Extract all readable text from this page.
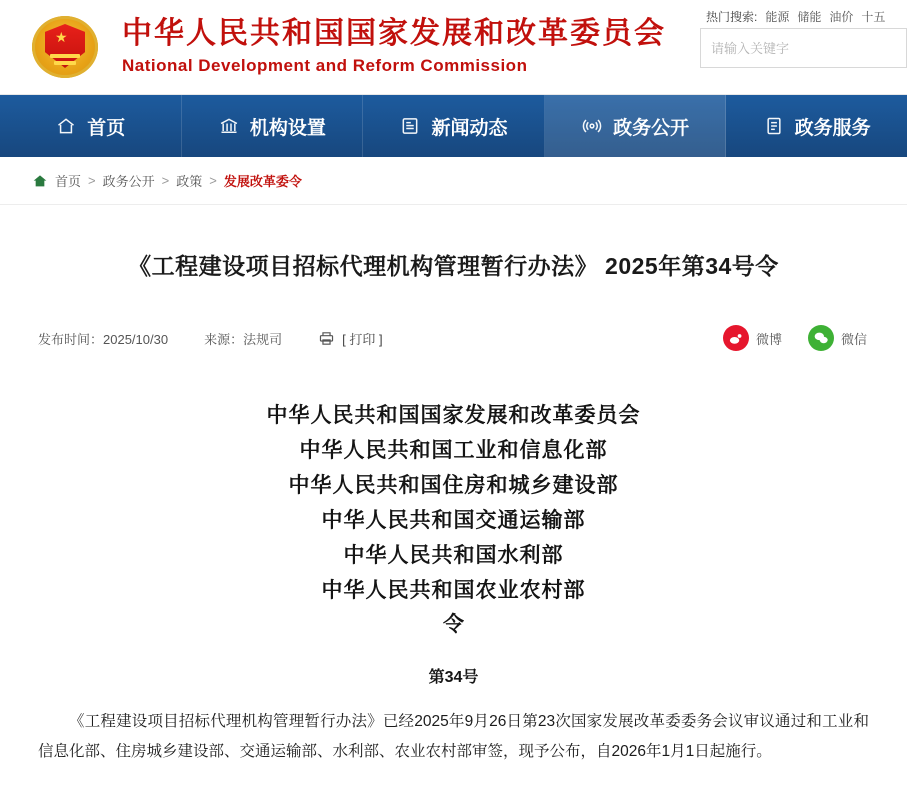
★ 中华人民共和国国家发展和改革委员会
National Development and Reform Commission
热门搜索: 能源 储能 油价 十五
请输入关键字
首页	机构设置	新闻动态	政务公开	政务服务
首页 > 政务公开 > 政策 > 发展改革委令
《工程建设项目招标代理机构管理暂行办法》 2025年第34号令
发布时间：2025/10/30	来源：法规司	[ 打印 ]	微博	微信
中华人民共和国国家发展和改革委员会
中华人民共和国工业和信息化部
中华人民共和国住房和城乡建设部
中华人民共和国交通运输部
中华人民共和国水利部
中华人民共和国农业农村部
令
第34号
《工程建设项目招标代理机构管理暂行办法》已经2025年9月26日第23次国家发展改革委委务会议审议通过和工业和信息化部、住房城乡建设部、交通运输部、水利部、农业农村部审签，现予公布，自2026年1月1日起施行。
